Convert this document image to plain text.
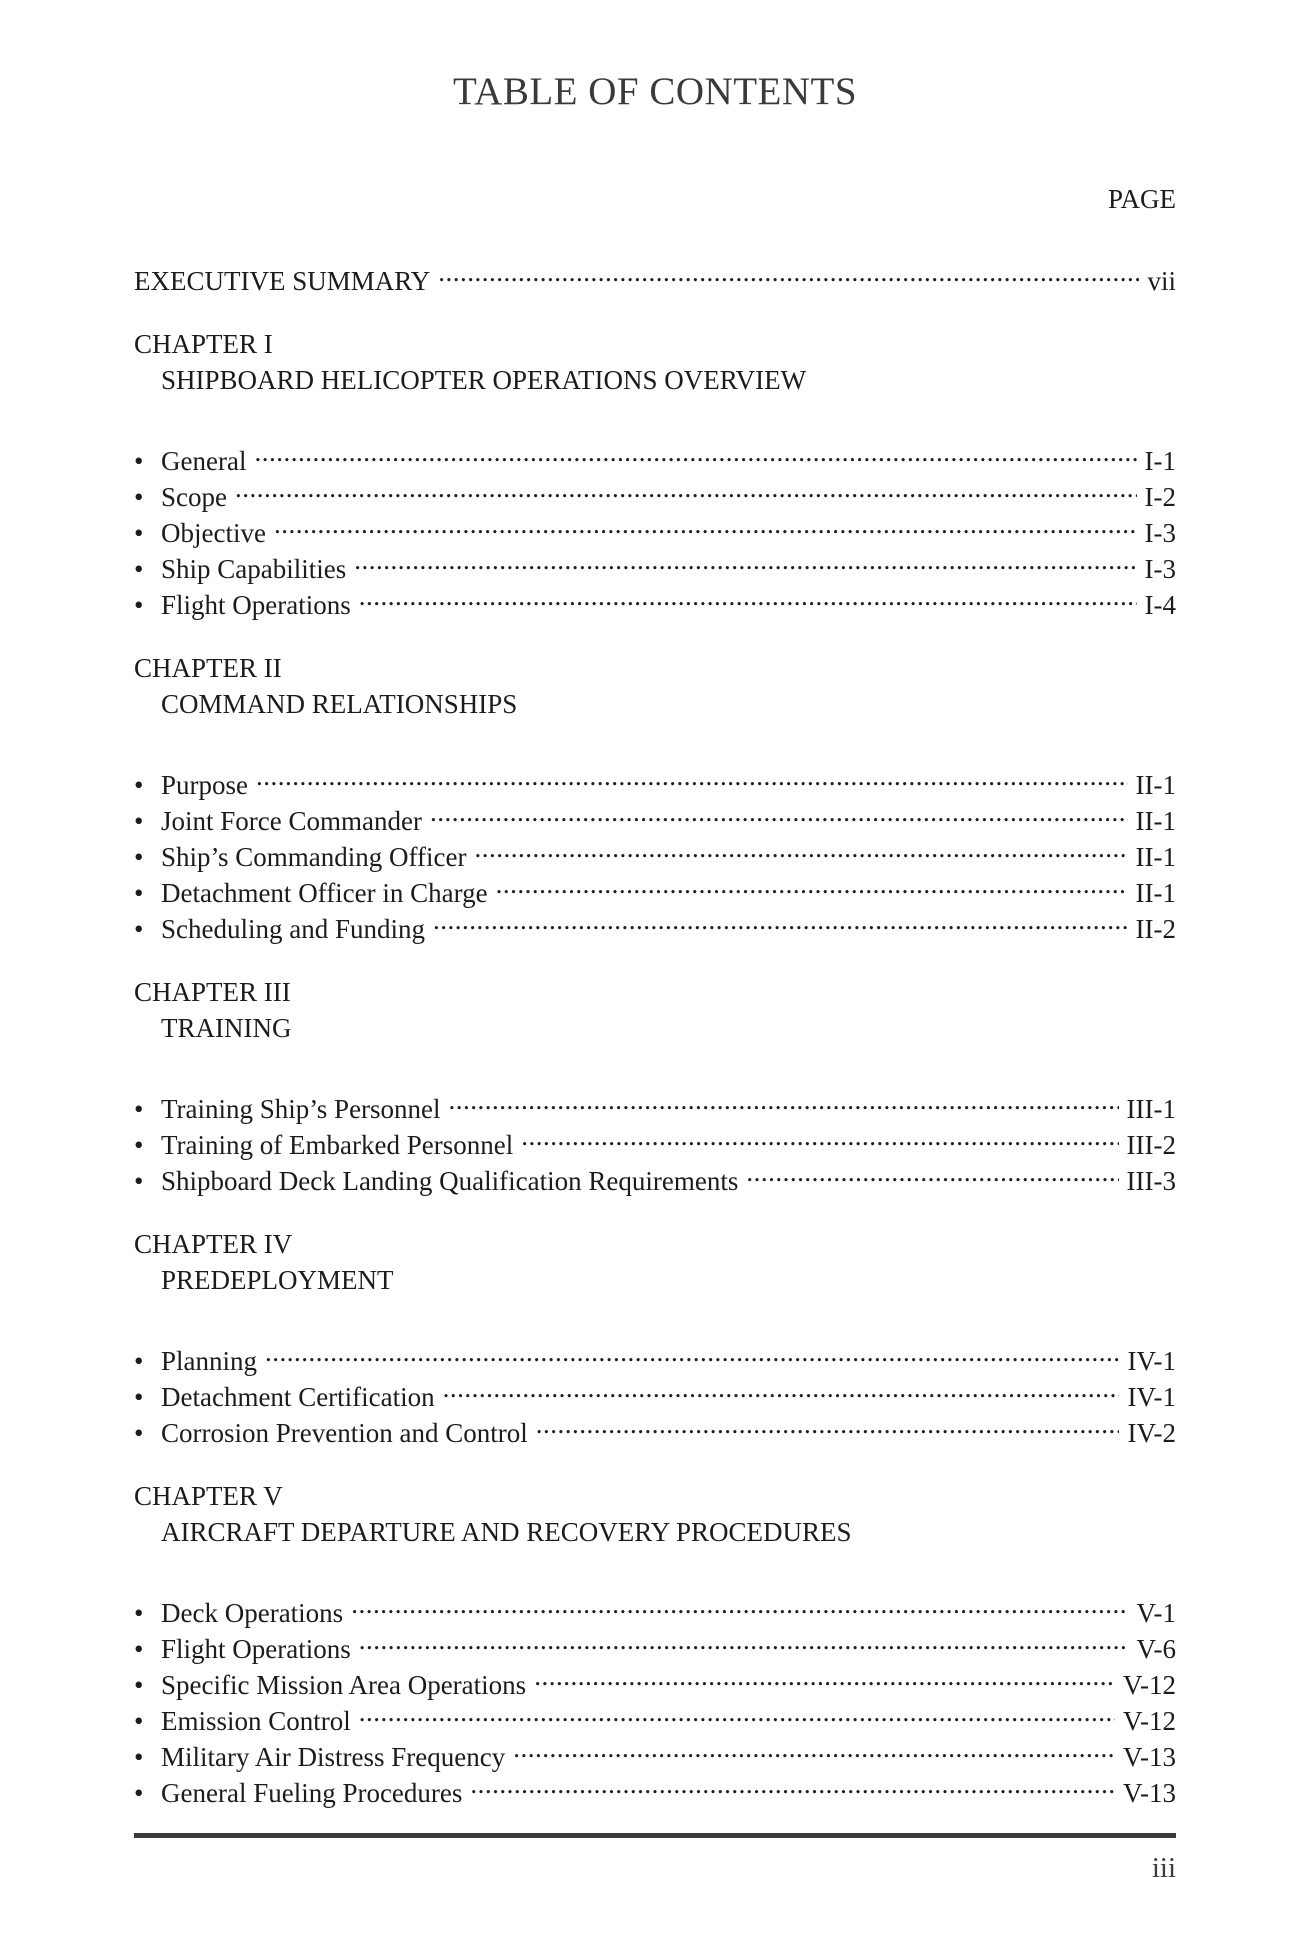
TABLE OF CONTENTS
PAGE
EXECUTIVE SUMMARY .....	vii
CHAPTER I
SHIPBOARD HELICOPTER OPERATIONS OVERVIEW
• General .....	I-1
• Scope .....	I-2
• Objective .....	I-3
• Ship Capabilities .....	I-3
• Flight Operations .....	I-4
CHAPTER II
COMMAND RELATIONSHIPS
• Purpose .....	II-1
• Joint Force Commander .....	II-1
• Ship’s Commanding Officer .....	II-1
• Detachment Officer in Charge .....	II-1
• Scheduling and Funding .....	II-2
CHAPTER III
TRAINING
• Training Ship’s Personnel .....	III-1
• Training of Embarked Personnel .....	III-2
• Shipboard Deck Landing Qualification Requirements .....	III-3
CHAPTER IV
PREDEPLOYMENT
• Planning .....	IV-1
• Detachment Certification .....	IV-1
• Corrosion Prevention and Control .....	IV-2
CHAPTER V
AIRCRAFT DEPARTURE AND RECOVERY PROCEDURES
• Deck Operations .....	V-1
• Flight Operations .....	V-6
• Specific Mission Area Operations .....	V-12
• Emission Control .....	V-12
• Military Air Distress Frequency .....	V-13
• General Fueling Procedures .....	V-13
iii
